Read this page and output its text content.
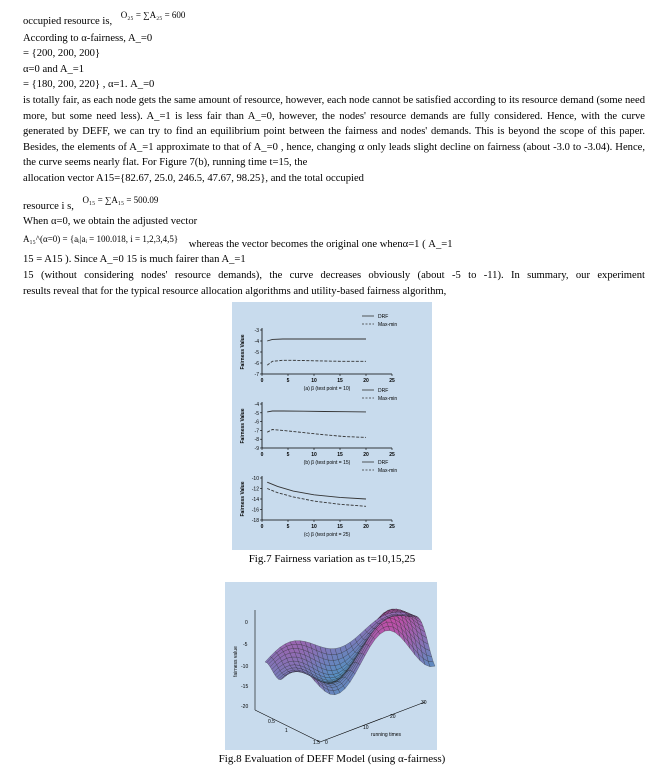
occupied resource is, O₂₅ = ∑A₂₅ = 600
According to α-fairness, A_=0
= {200, 200, 200}
α=0 and A_=1
= {180, 200, 220} , α=1. A_=0
is totally fair, as each node gets the same amount of resource, however, each node cannot be satisfied according to its resource demand (some need more, but some need less). A_=1 is less fair than A_=0, however, the nodes' resource demands are fully considered. Hence, with the curve generated by DEFF, we can try to find an equilibrium point between the fairness and nodes' demands. This is beyond the scope of this paper. Besides, the elements of A_=1 approximate to that of A_=0 , hence, changing α only leads slight decline on fairness (about -3.0 to -3.04). Hence, the curve seems nearly flat. For Figure 7(b), running time t=15, the
allocation vector A15={82.67, 25.0, 246.5, 47.67, 98.25}, and the total occupied
resource i s, O₁₅ = ∑A₁₅ = 500.09
When α=0, we obtain the adjusted vector
A₁₅^(α=0) = {aᵢ|aᵢ = 100.018, i = 1,2,3,4,5} whereas the vector becomes the original one whenα=1 ( A_=1
15 = A15 ). Since A_=0 15 is much fairer than A_=1
15 (without considering nodes' resource demands), the curve decreases obviously (about -5 to -11). In summary, our experiment
results reveal that for the typical resource allocation algorithms and utility-based fairness algorithm,
-3
-4
-5
-6
-7
0	5	10	15	20	25
(a) β (test point = 10)
Fairness Value
DRF
Max-min
-4
-5
-6
-7
-8
-9
0	5	10	15	20	25
(b) β (test point = 15)
Fairness Value
DRF
Max-min
-10
-12
-14
-16
-18
0	5	10	15	20	25
(c) β (test point = 25)
Fairness Value
DRF
Max-min
Fig.7 Fairness variation as t=10,15,25
0
-5
-10
-15
-20
0.5
1
1.5 0
10
20
30
running times
fairness value
Fig.8 Evaluation of DEFF Model (using α-fairness)
